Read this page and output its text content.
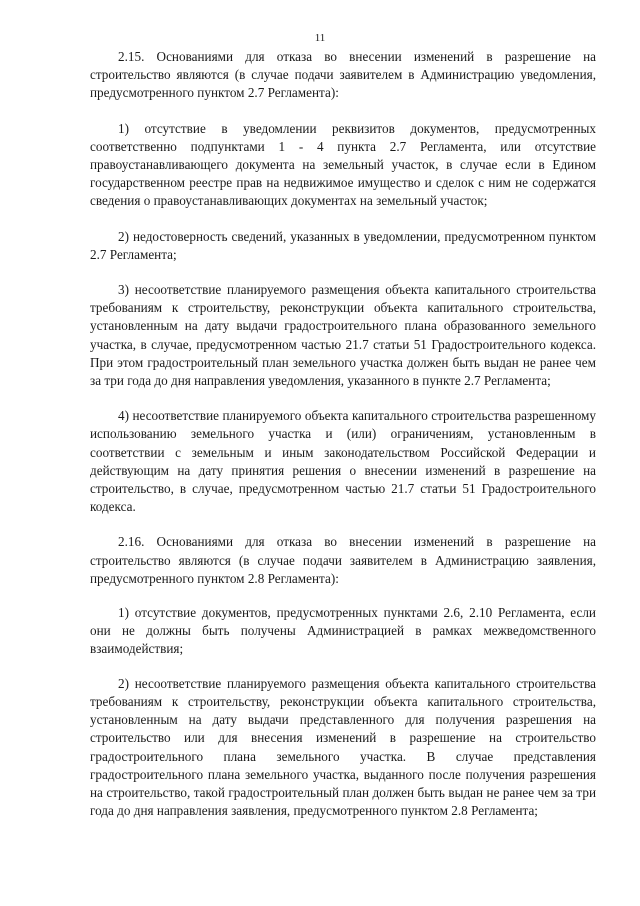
11

2.15. Основаниями для отказа во внесении изменений в разрешение на строительство являются (в случае подачи заявителем в Администрацию уведомления, предусмотренного пунктом 2.7 Регламента):

1) отсутствие в уведомлении реквизитов документов, предусмотренных соответственно подпунктами 1 - 4 пункта 2.7 Регламента, или отсутствие правоустанавливающего документа на земельный участок, в случае если в Едином государственном реестре прав на недвижимое имущество и сделок с ним не содержатся сведения о правоустанавливающих документах на земельный участок;

2) недостоверность сведений, указанных в уведомлении, предусмотренном пунктом 2.7 Регламента;

3) несоответствие планируемого размещения объекта капитального строительства требованиям к строительству, реконструкции объекта капитального строительства, установленным на дату выдачи градостроительного плана образованного земельного участка, в случае, предусмотренном частью 21.7 статьи 51 Градостроительного кодекса. При этом градостроительный план земельного участка должен быть выдан не ранее чем за три года до дня направления уведомления, указанного в пункте 2.7 Регламента;

4) несоответствие планируемого объекта капитального строительства разрешенному использованию земельного участка и (или) ограничениям, установленным в соответствии с земельным и иным законодательством Российской Федерации и действующим на дату принятия решения о внесении изменений в разрешение на строительство, в случае, предусмотренном частью 21.7 статьи 51 Градостроительного кодекса.

2.16. Основаниями для отказа во внесении изменений в разрешение на строительство являются (в случае подачи заявителем в Администрацию заявления, предусмотренного пунктом 2.8 Регламента):

1) отсутствие документов, предусмотренных пунктами 2.6, 2.10 Регламента, если они не должны быть получены Администрацией в рамках межведомственного взаимодействия;

2) несоответствие планируемого размещения объекта капитального строительства требованиям к строительству, реконструкции объекта капитального строительства, установленным на дату выдачи представленного для получения разрешения на строительство или для внесения изменений в разрешение на строительство градостроительного плана земельного участка. В случае представления градостроительного плана земельного участка, выданного после получения разрешения на строительство, такой градостроительный план должен быть выдан не ранее чем за три года до дня направления заявления, предусмотренного пунктом 2.8 Регламента;
